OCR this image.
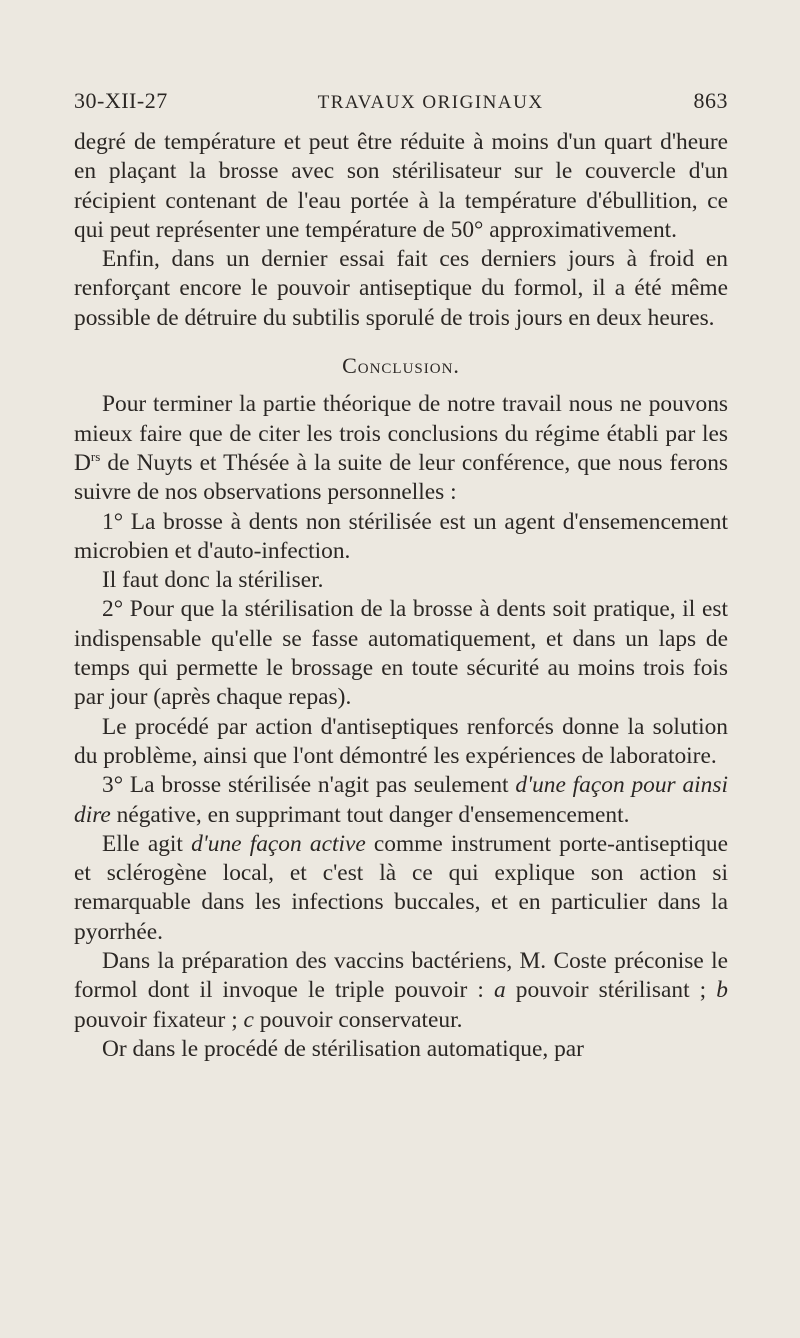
30-XII-27	TRAVAUX ORIGINAUX	863

degré de température et peut être réduite à moins d'un quart d'heure en plaçant la brosse avec son stérilisateur sur le couvercle d'un récipient contenant de l'eau portée à la température d'ébullition, ce qui peut représenter une température de 50° approximativement.

Enfin, dans un dernier essai fait ces derniers jours à froid en renforçant encore le pouvoir antiseptique du formol, il a été même possible de détruire du subtilis sporulé de trois jours en deux heures.

Conclusion.

Pour terminer la partie théorique de notre travail nous ne pouvons mieux faire que de citer les trois conclusions du régime établi par les $D^{rs}$ de Nuyts et Thésée à la suite de leur conférence, que nous ferons suivre de nos observations personnelles :

1° La brosse à dents non stérilisée est un agent d'ensemencement microbien et d'auto-infection.

Il faut donc la stériliser.

2° Pour que la stérilisation de la brosse à dents soit pratique, il est indispensable qu'elle se fasse automatiquement, et dans un laps de temps qui permette le brossage en toute sécurité au moins trois fois par jour (après chaque repas).

Le procédé par action d'antiseptiques renforcés donne la solution du problème, ainsi que l'ont démontré les expériences de laboratoire.

3° La brosse stérilisée n'agit pas seulement d'une façon pour ainsi dire négative, en supprimant tout danger d'ensemencement.

Elle agit d'une façon active comme instrument porte-antiseptique et sclérogène local, et c'est là ce qui explique son action si remarquable dans les infections buccales, et en particulier dans la pyorrhée.

Dans la préparation des vaccins bactériens, M. Coste préconise le formol dont il invoque le triple pouvoir : a pouvoir stérilisant ; b pouvoir fixateur ; c pouvoir conservateur.

Or dans le procédé de stérilisation automatique, par
